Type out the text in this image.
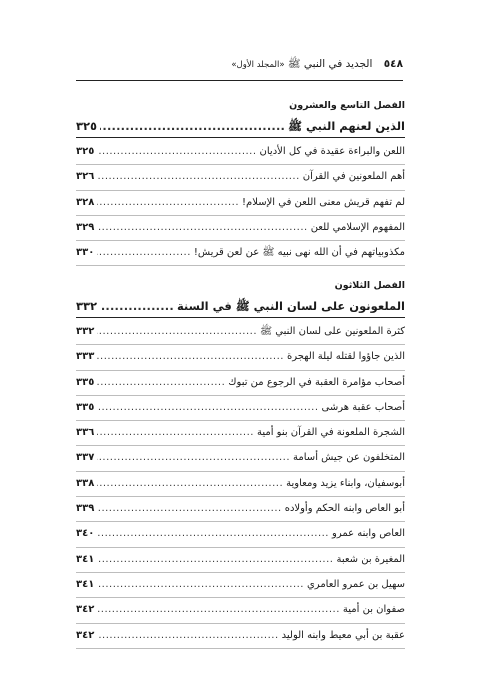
٥٤٨ الجديد في النبي ﷺ «المجلد الأول»
الفصل التاسع والعشرون
الذين لعنهم النبي ﷺ
.....
٣٢٥
اللعن والبراءة عقيدة في كل الأديان
.....
٣٢٥
أهم الملعونين في القرآن
.....
٣٢٦
لم تفهم قريش معنى اللعن في الإسلام!
.....
٣٢٨
المفهوم الإسلامي للعن
.....
٣٢٩
مكذوبياتهم في أن الله نهى نبيه ﷺ عن لعن قريش!
.....
٣٣٠
الفصل الثلاثون
الملعونون على لسان النبي ﷺ في السنة
.....
٣٣٢
كثرة الملعونين على لسان النبي ﷺ
.....
٣٣٢
الذين جاؤوا لقتله ليلة الهجرة
.....
٣٣٣
أصحاب مؤامرة العقبة في الرجوع من تبوك
.....
٣٣٥
أصحاب عقبة هرشى
.....
٣٣٥
الشجرة الملعونة في القرآن بنو أمية
.....
٣٣٦
المتخلفون عن جيش أسامة
.....
٣٣٧
أبوسفيان، وابناء يزيد ومعاوية
.....
٣٣٨
أبو العاص وابنه الحكم وأولاده
.....
٣٣٩
العاص وابنه عمرو
.....
٣٤٠
المغيرة بن شعبة
.....
٣٤١
سهيل بن عمرو العامري
.....
٣٤١
صفوان بن أمية
.....
٣٤٢
عقبة بن أبي معيط وابنه الوليد
.....
٣٤٢
